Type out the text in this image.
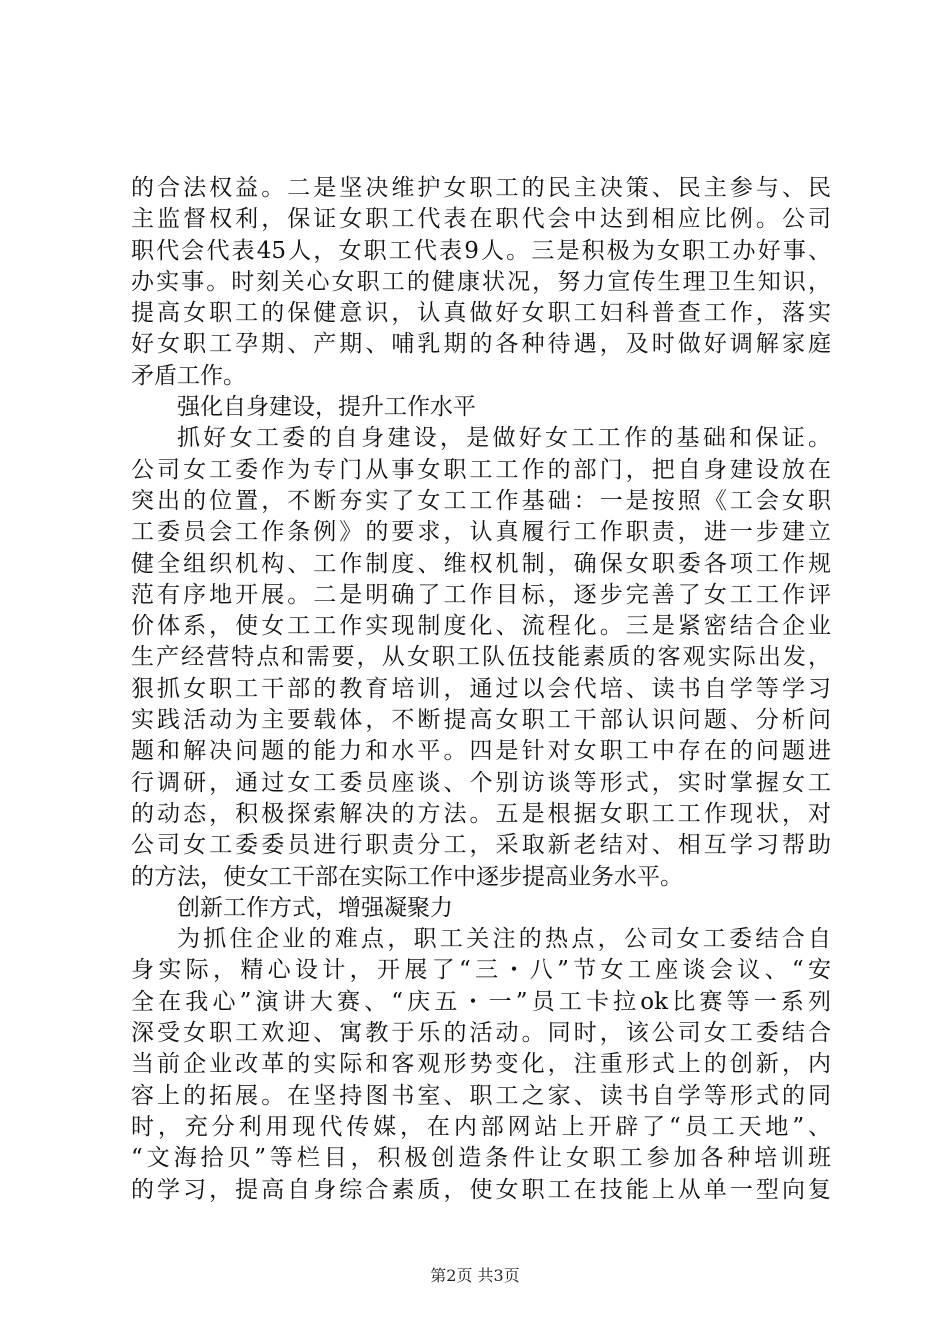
的合法权益。二是坚决维护女职工的民主决策、民主参与、民
主监督权利，保证女职工代表在职代会中达到相应比例。公司
职代会代表45人，女职工代表9人。三是积极为女职工办好事、
办实事。时刻关心女职工的健康状况，努力宣传生理卫生知识，
提高女职工的保健意识，认真做好女职工妇科普查工作，落实
好女职工孕期、产期、哺乳期的各种待遇，及时做好调解家庭
矛盾工作。
强化自身建设，提升工作水平
抓好女工委的自身建设，是做好女工工作的基础和保证。
公司女工委作为专门从事女职工工作的部门，把自身建设放在
突出的位置，不断夯实了女工工作基础：一是按照《工会女职
工委员会工作条例》的要求，认真履行工作职责，进一步建立
健全组织机构、工作制度、维权机制，确保女职委各项工作规
范有序地开展。二是明确了工作目标，逐步完善了女工工作评
价体系，使女工工作实现制度化、流程化。三是紧密结合企业
生产经营特点和需要，从女职工队伍技能素质的客观实际出发，
狠抓女职工干部的教育培训，通过以会代培、读书自学等学习
实践活动为主要载体，不断提高女职工干部认识问题、分析问
题和解决问题的能力和水平。四是针对女职工中存在的问题进
行调研，通过女工委员座谈、个别访谈等形式，实时掌握女工
的动态，积极探索解决的方法。五是根据女职工工作现状，对
公司女工委委员进行职责分工，采取新老结对、相互学习帮助
的方法，使女工干部在实际工作中逐步提高业务水平。
创新工作方式，增强凝聚力
为抓住企业的难点，职工关注的热点，公司女工委结合自
身实际，精心设计，开展了“三・八”节女工座谈会议、“安
全在我心”演讲大赛、“庆五・一”员工卡拉ok比赛等一系列
深受女职工欢迎、寓教于乐的活动。同时，该公司女工委结合
当前企业改革的实际和客观形势变化，注重形式上的创新，内
容上的拓展。在坚持图书室、职工之家、读书自学等形式的同
时，充分利用现代传媒，在内部网站上开辟了“员工天地”、
“文海拾贝”等栏目，积极创造条件让女职工参加各种培训班
的学习，提高自身综合素质，使女职工在技能上从单一型向复
第2页 共3页
